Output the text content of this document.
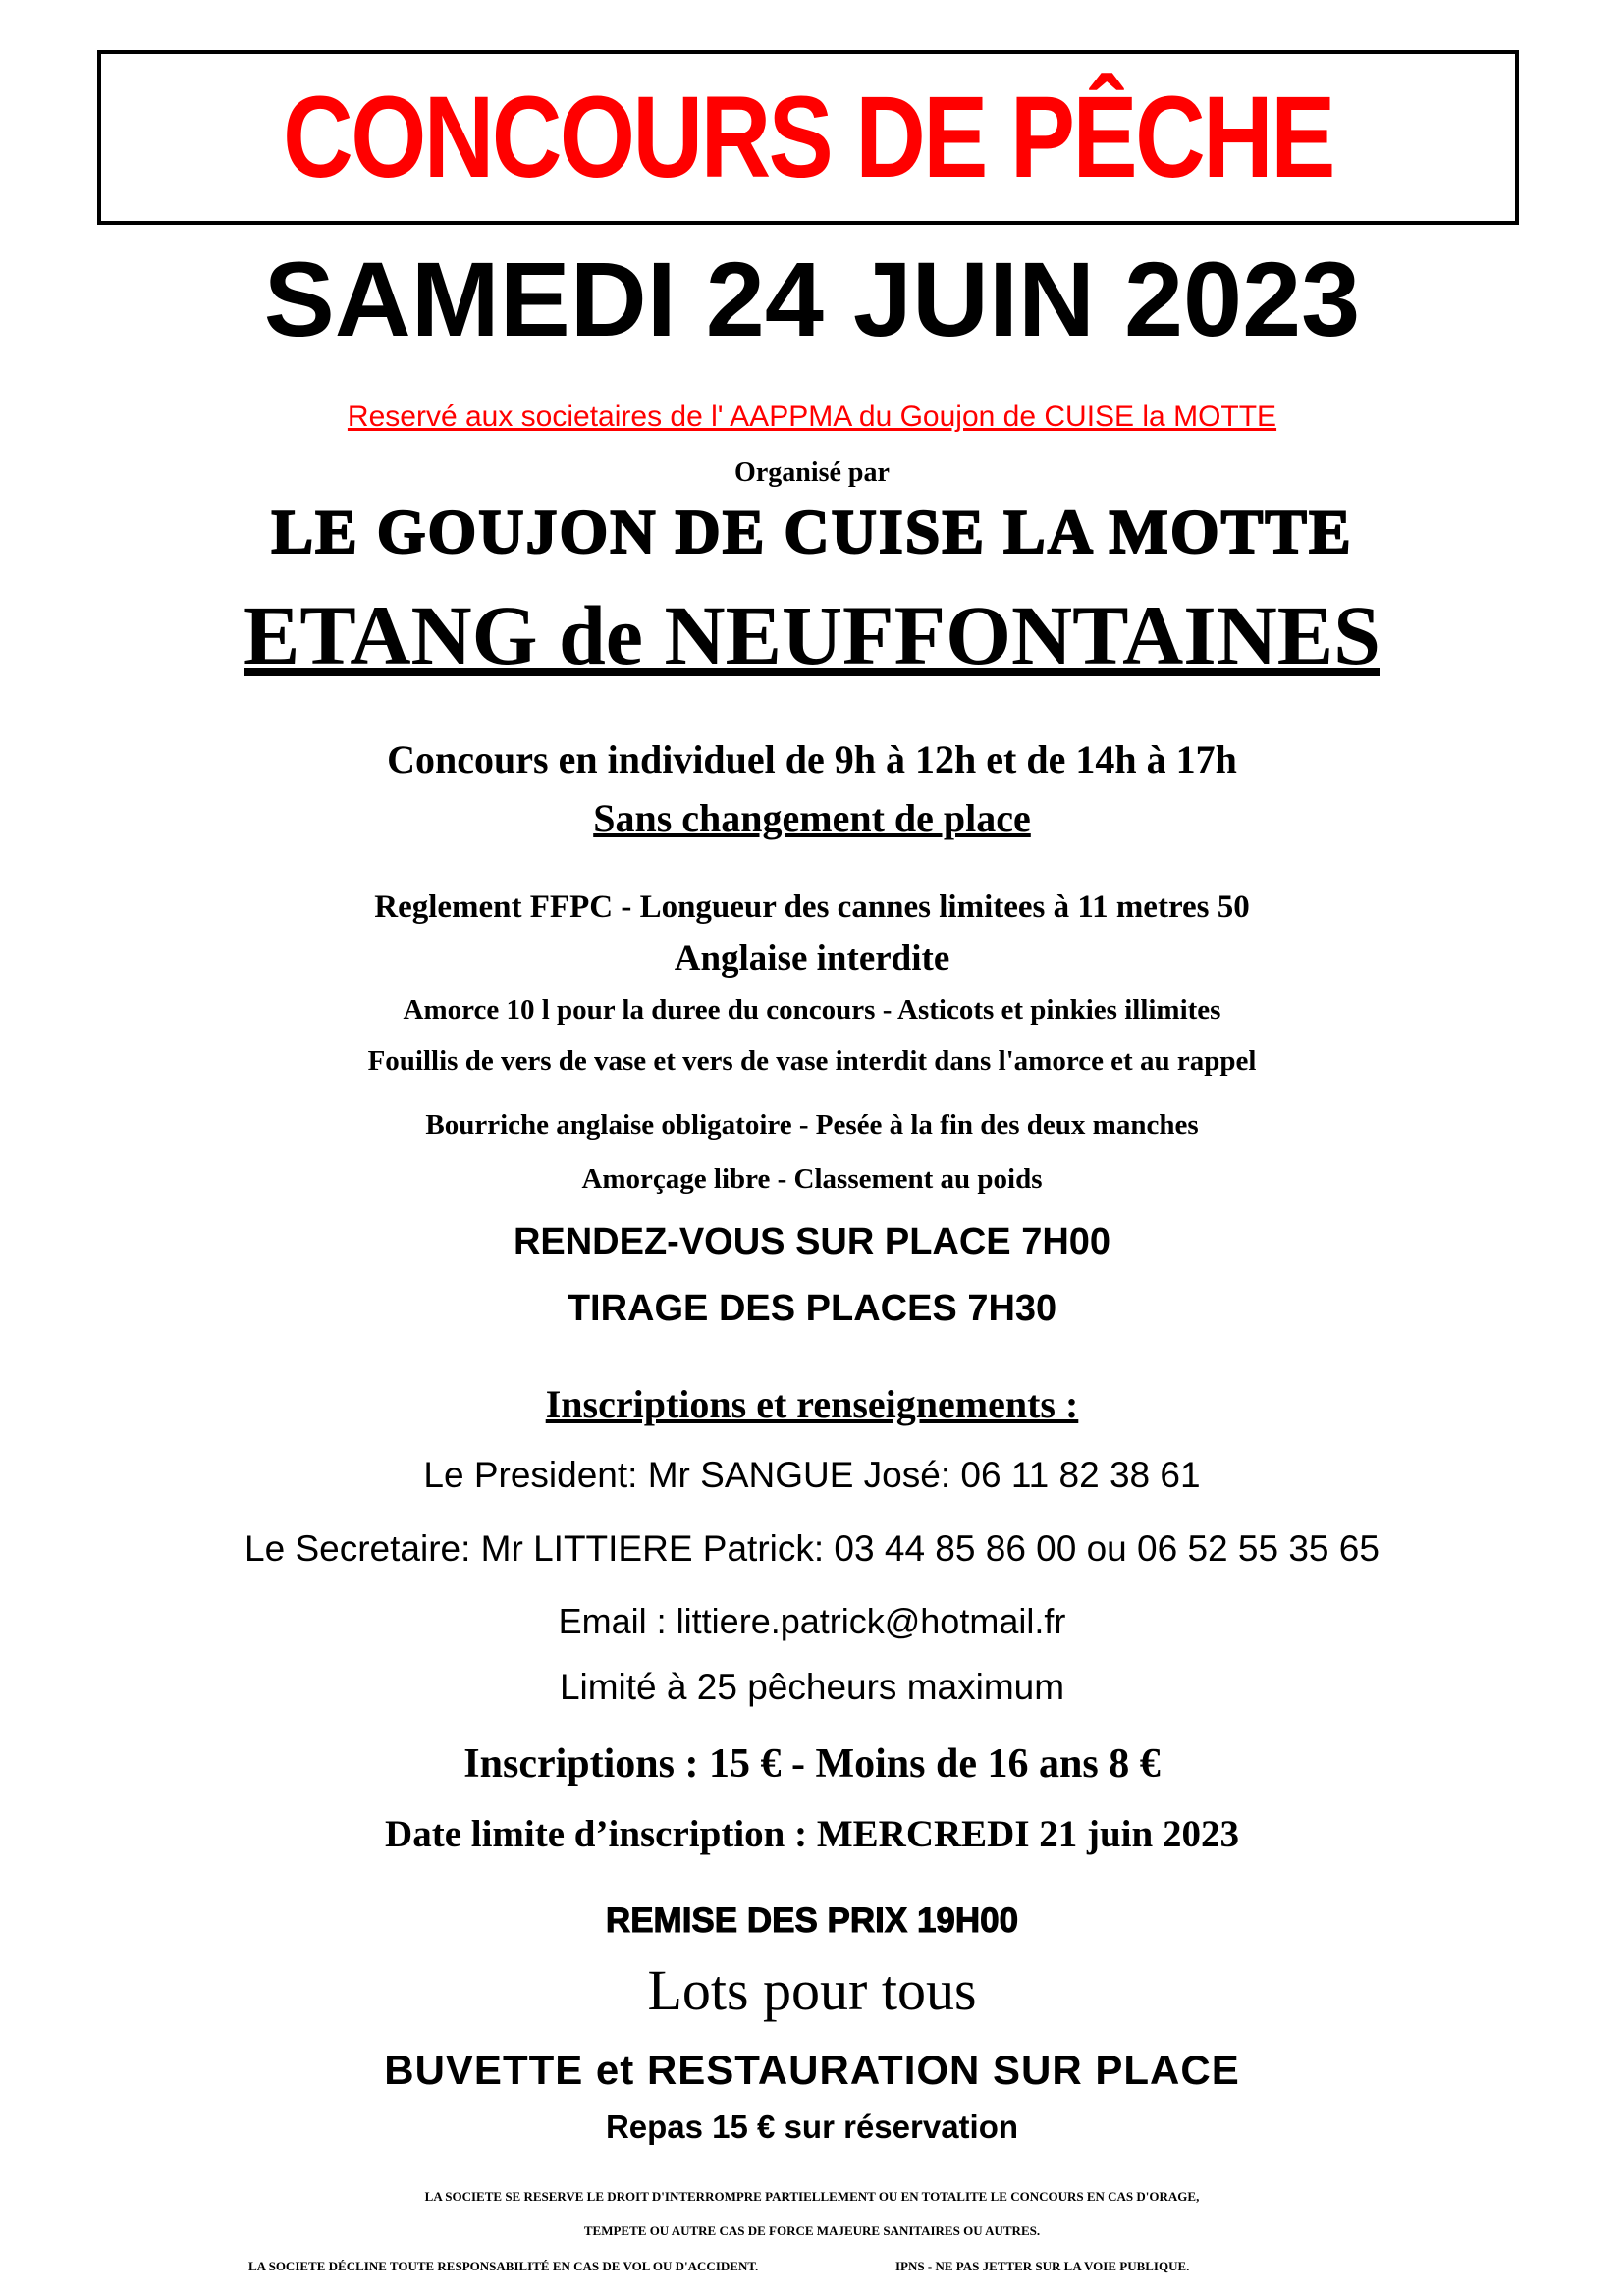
CONCOURS DE PÊCHE

SAMEDI 24 JUIN 2023

Reservé aux societaires de l' AAPPMA du Goujon de CUISE la MOTTE

Organisé par

LE GOUJON DE CUISE LA MOTTE

ETANG de NEUFFONTAINES

Concours en individuel de 9h à 12h et de 14h à 17h

Sans changement de place

Reglement FFPC - Longueur des cannes limitees à 11 metres 50

Anglaise interdite

Amorce 10 l pour la duree du concours - Asticots et pinkies illimites

Fouillis de vers de vase et vers de vase interdit dans l'amorce et au rappel

Bourriche anglaise obligatoire - Pesée à la fin des deux manches

Amorçage libre - Classement au poids

RENDEZ-VOUS SUR PLACE 7H00

TIRAGE DES PLACES 7H30

Inscriptions et renseignements :

Le President: Mr SANGUE José: 06 11 82 38 61

Le Secretaire: Mr LITTIERE Patrick: 03 44 85 86 00 ou 06 52 55 35 65

Email : littiere.patrick@hotmail.fr

Limité à 25 pêcheurs maximum

Inscriptions : 15 € - Moins de 16 ans 8 €

Date limite d’inscription : MERCREDI 21 juin 2023

REMISE DES PRIX 19H00

Lots pour tous

BUVETTE et RESTAURATION SUR PLACE

Repas 15 € sur réservation

LA SOCIETE SE RESERVE LE DROIT D'INTERROMPRE PARTIELLEMENT OU EN TOTALITE LE CONCOURS EN CAS D'ORAGE,

TEMPETE OU AUTRE CAS DE FORCE MAJEURE SANITAIRES OU AUTRES.

LA SOCIETE DÉCLINE TOUTE RESPONSABILITÉ EN CAS DE VOL OU D'ACCIDENT.	IPNS - NE PAS JETTER SUR LA VOIE PUBLIQUE.
